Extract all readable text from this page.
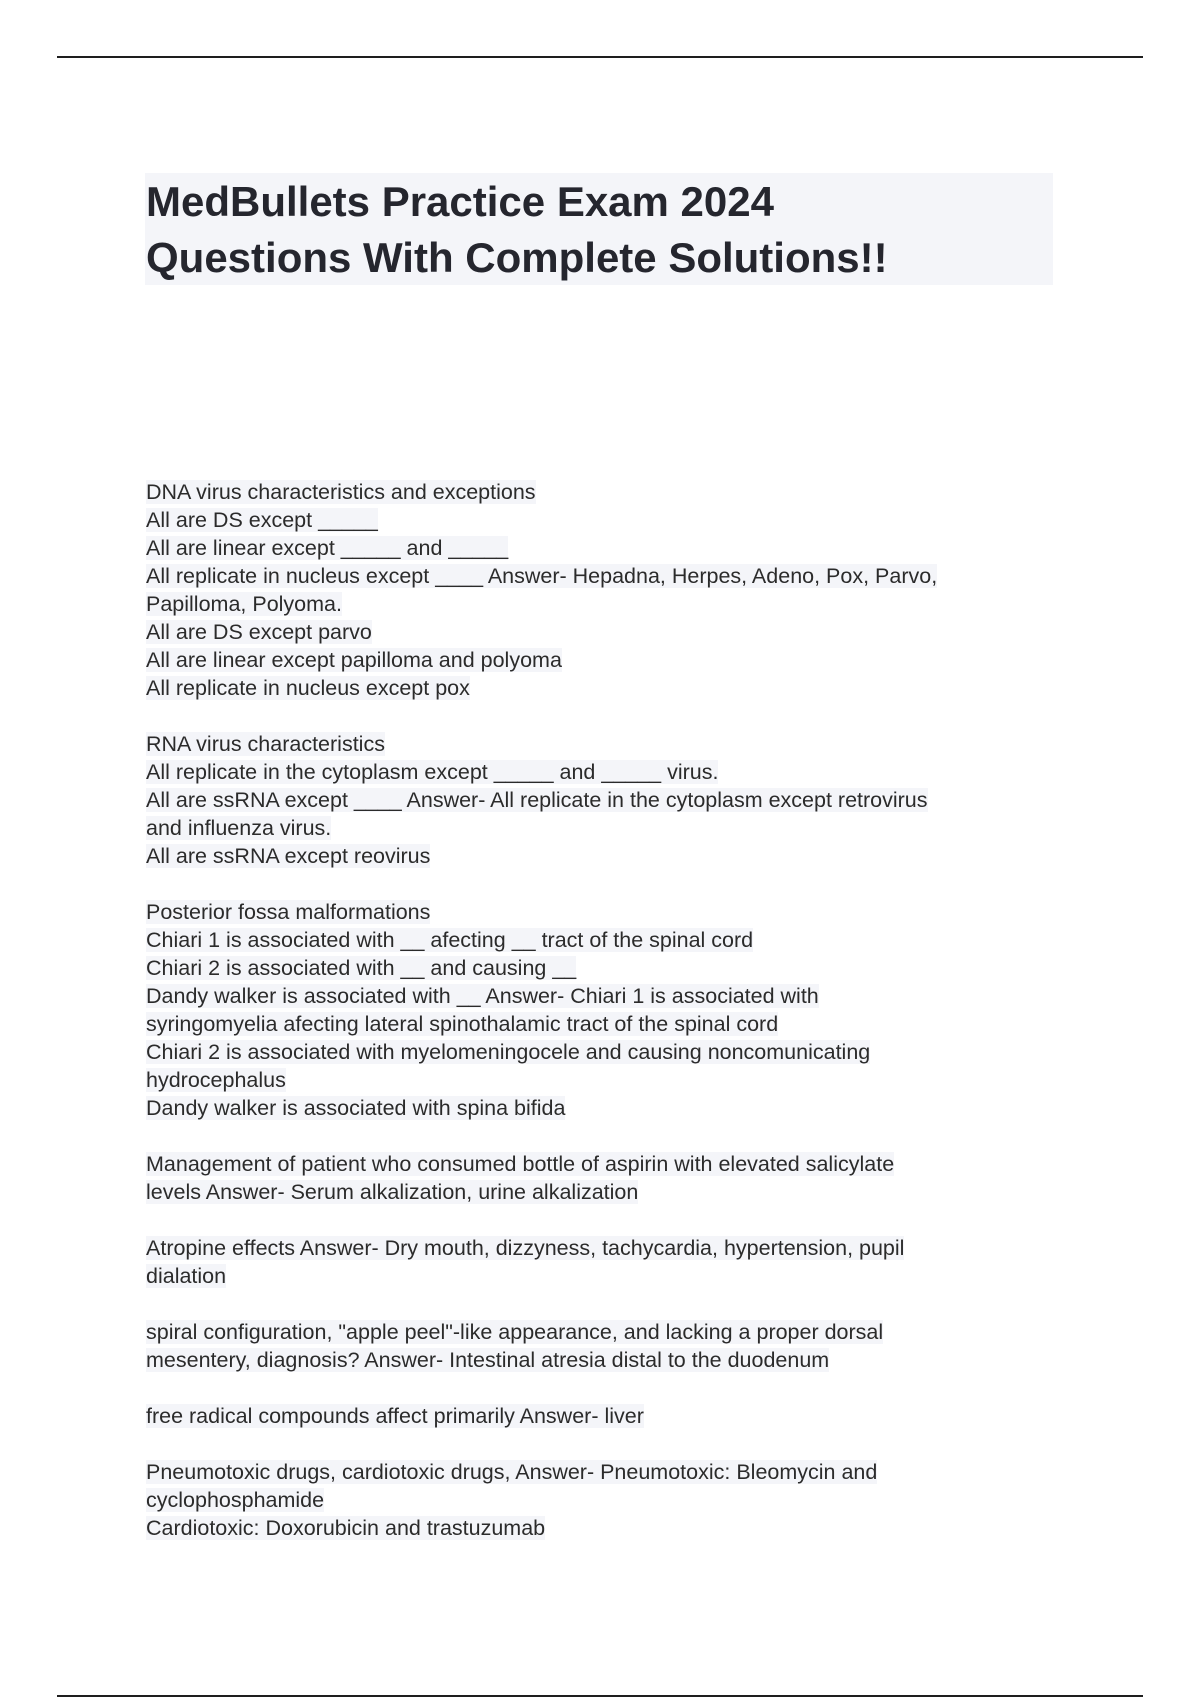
MedBullets Practice Exam 2024
Questions With Complete Solutions!!
DNA virus characteristics and exceptions
All are DS except _____
All are linear except _____ and _____
All replicate in nucleus except ____ Answer- Hepadna, Herpes, Adeno, Pox, Parvo,
Papilloma, Polyoma.
All are DS except parvo
All are linear except papilloma and polyoma
All replicate in nucleus except pox
RNA virus characteristics
All replicate in the cytoplasm except _____ and _____ virus.
All are ssRNA except ____ Answer- All replicate in the cytoplasm except retrovirus
and influenza virus.
All are ssRNA except reovirus
Posterior fossa malformations
Chiari 1 is associated with __ afecting __ tract of the spinal cord
Chiari 2 is associated with __ and causing __
Dandy walker is associated with __ Answer- Chiari 1 is associated with
syringomyelia afecting lateral spinothalamic tract of the spinal cord
Chiari 2 is associated with myelomeningocele and causing noncomunicating
hydrocephalus
Dandy walker is associated with spina bifida
Management of patient who consumed bottle of aspirin with elevated salicylate
levels Answer- Serum alkalization, urine alkalization
Atropine effects Answer- Dry mouth, dizzyness, tachycardia, hypertension, pupil
dialation
spiral configuration, "apple peel"-like appearance, and lacking a proper dorsal
mesentery, diagnosis? Answer- Intestinal atresia distal to the duodenum
free radical compounds affect primarily Answer- liver
Pneumotoxic drugs, cardiotoxic drugs, Answer- Pneumotoxic: Bleomycin and
cyclophosphamide
Cardiotoxic: Doxorubicin and trastuzumab
